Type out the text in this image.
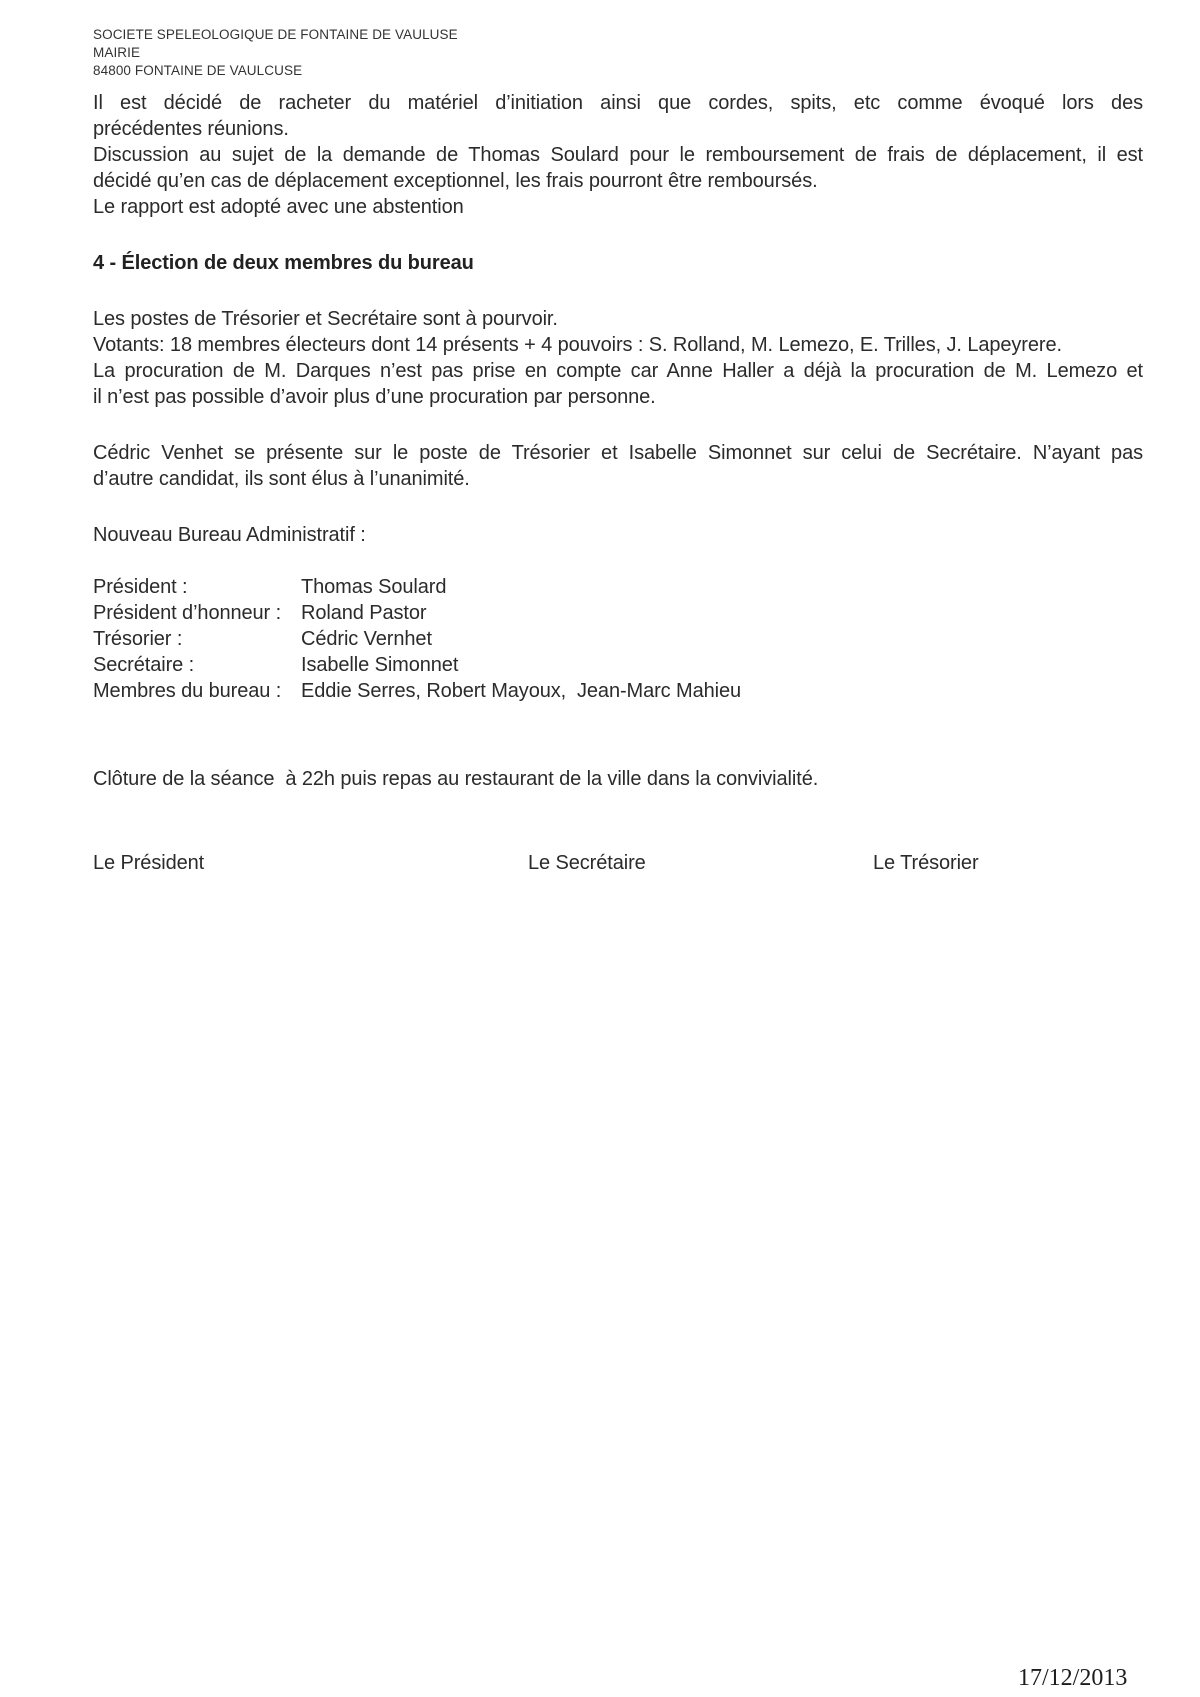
SOCIETE SPELEOLOGIQUE DE FONTAINE DE VAULUSE
MAIRIE
84800 FONTAINE DE VAULCUSE
Il est décidé de racheter du matériel d’initiation ainsi que cordes, spits, etc comme évoqué lors des
précédentes réunions.
Discussion au sujet de la demande de Thomas Soulard pour le remboursement de frais de déplacement, il est
décidé qu’en cas de déplacement exceptionnel, les frais pourront être remboursés.
Le rapport est adopté avec une abstention
4 - Élection de deux membres du bureau
Les postes de Trésorier et Secrétaire sont à pourvoir.
Votants: 18 membres électeurs dont 14 présents + 4 pouvoirs : S. Rolland, M. Lemezo, E. Trilles, J. Lapeyrere.
La procuration de M. Darques n’est pas prise en compte car Anne Haller a déjà la procuration de M. Lemezo et
il n’est pas possible d’avoir plus d’une procuration par personne.
Cédric Venhet se présente sur le poste de Trésorier et Isabelle Simonnet sur celui de Secrétaire. N’ayant pas
d’autre candidat, ils sont élus à l’unanimité.
Nouveau Bureau Administratif :
Président :	Thomas Soulard
Président d’honneur : Roland Pastor
Trésorier :	Cédric Vernhet
Secrétaire :	Isabelle Simonnet
Membres du bureau : Eddie Serres, Robert Mayoux,  Jean-Marc Mahieu
Clôture de la séance  à 22h puis repas au restaurant de la ville dans la convivialité.
Le Président	Le Secrétaire	Le Trésorier
17/12/2013
